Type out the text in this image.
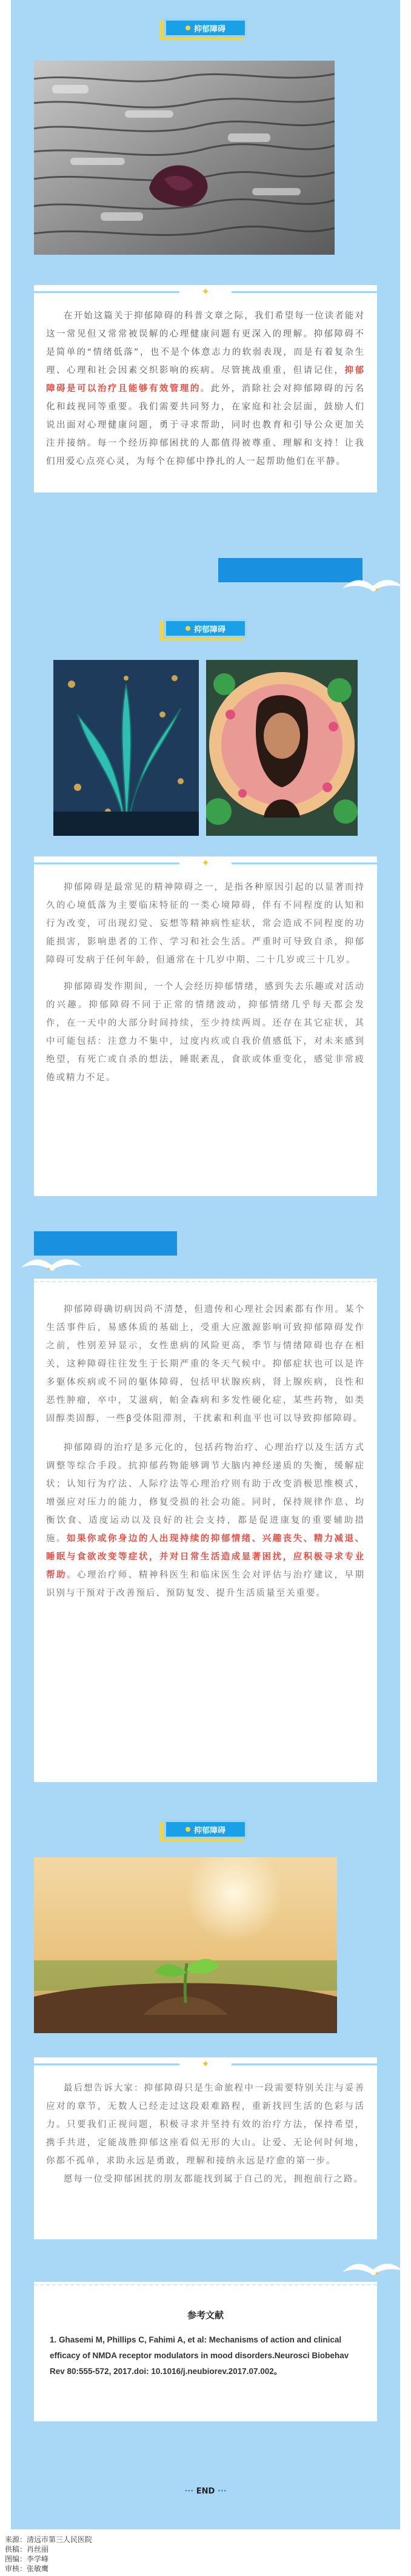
抑郁障碍
✦

在开始这篇关于抑郁障碍的科普文章之际，我们希望每一位读者能对这一常见但又常常被误解的心理健康问题有更深入的理解。抑郁障碍不是简单的“情绪低落”，也不是个体意志力的软弱表现，而是有着复杂生理、心理和社会因素交织影响的疾病。尽管挑战重重，但请记住，抑郁障碍是可以治疗且能够有效管理的。此外，消除社会对抑郁障碍的污名化和歧视同等重要。我们需要共同努力，在家庭和社会层面，鼓励人们说出面对心理健康问题，勇于寻求帮助，同时也教育和引导公众更加关注并接纳。每一个经历抑郁困扰的人都值得被尊重、理解和支持！让我们用爱心点亮心灵，为每个在抑郁中挣扎的人一起帮助他们在平静。

抑郁障碍
✦

抑郁障碍是最常见的精神障碍之一，是指各种原因引起的以显著而持久的心境低落为主要临床特征的一类心境障碍，伴有不同程度的认知和行为改变，可出现幻觉、妄想等精神病性症状，常会造成不同程度的功能损害，影响患者的工作、学习和社会生活。严重时可导致自杀，抑郁障碍可发病于任何年龄，但通常在十几岁中期、二十几岁或三十几岁。

抑郁障碍发作期间，一个人会经历抑郁情绪，感到失去乐趣或对活动的兴趣。抑郁障碍不同于正常的情绪波动，抑郁情绪几乎每天都会发作，在一天中的大部分时间持续，至少持续两周。还存在其它症状，其中可能包括：注意力不集中，过度内疚或自我价值感低下，对未来感到绝望，有死亡或自杀的想法，睡眠紊乱，食欲或体重变化，感觉非常疲倦或精力不足。

抑郁障碍确切病因尚不清楚，但遗传和心理社会因素都有作用。某个生活事件后，易感体质的基础上，受重大应激源影响可致抑郁障碍发作之前，性别差异显示，女性患病的风险更高，季节与情绪障碍也存在相关，这种障碍往往发生于长期严重的冬天气候中。抑郁症状也可以是许多躯体疾病或不同的躯体障碍，包括甲状腺疾病，肾上腺疾病，良性和恶性肿瘤，卒中，艾滋病，帕金森病和多发性硬化症，某些药物，如类固醇类固醇，一些β受体阻滞剂，干扰素和利血平也可以导致抑郁障碍。

抑郁障碍的治疗是多元化的，包括药物治疗、心理治疗以及生活方式调整等综合手段。抗抑郁药物能够调节大脑内神经递质的失衡，缓解症状；认知行为疗法、人际疗法等心理治疗则有助于改变消极思维模式，增强应对压力的能力，修复受损的社会功能。同时，保持规律作息、均衡饮食、适度运动以及良好的社会支持，都是促进康复的重要辅助措施。如果你或你身边的人出现持续的抑郁情绪、兴趣丧失、精力减退、睡眠与食欲改变等症状，并对日常生活造成显著困扰，应积极寻求专业帮助。心理治疗师、精神科医生和临床医生会对评估与治疗建议，早期识别与干预对于改善预后、预防复发、提升生活质量至关重要。

抑郁障碍
✦

最后想告诉大家：抑郁障碍只是生命旅程中一段需要特别关注与妥善应对的章节，无数人已经走过这段艰难路程，重新找回生活的色彩与活力。只要我们正视问题，积极寻求并坚持有效的治疗方法，保持希望，携手共进，定能战胜抑郁这座看似无形的大山。让爱、无论何时何地，你都不孤单，求助永远是勇敢，理解和接纳永远是疗愈的第一步。

愿每一位受抑郁困扰的朋友都能找到属于自己的光，拥抱前行之路。

参考文献
1. Ghasemi M, Phillips C, Fahimi A, et al: Mechanisms of action and clinical efficacy of NMDA receptor modulators in mood disorders.Neurosci Biobehav Rev 80:555-572, 2017.doi: 10.1016/j.neubiorev.2017.07.002。
··· END ···
来源：清远市第三人民医院
供稿：肖丝丽
图编：李学峰
审核：张敏鹰
